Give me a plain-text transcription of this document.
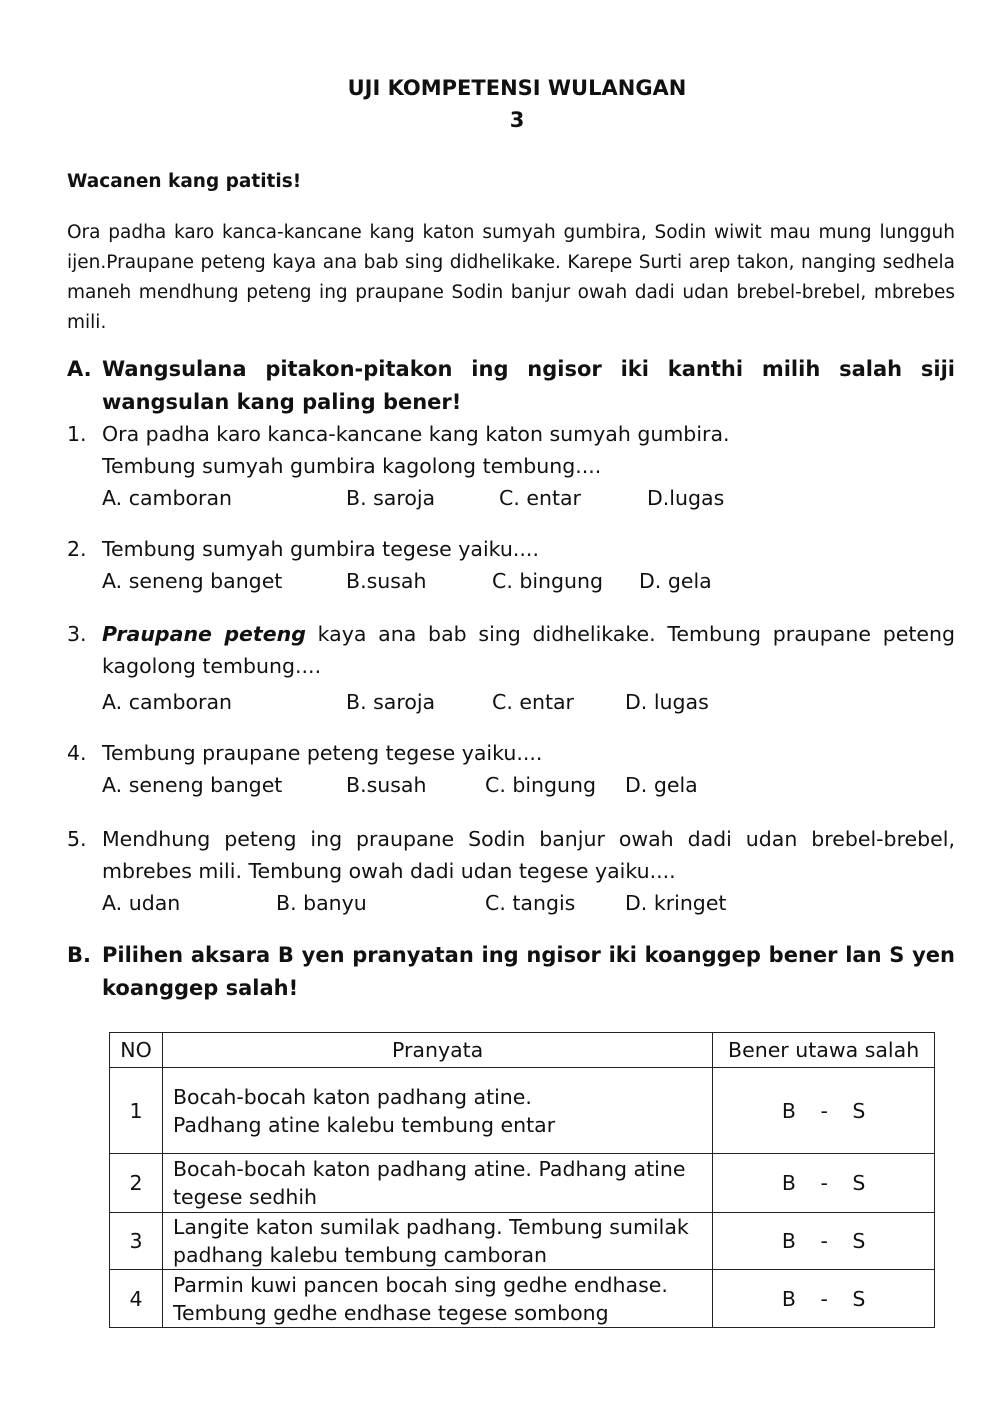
UJI KOMPETENSI WULANGAN
3
Wacanen kang patitis!
Ora padha karo kanca-kancane kang katon sumyah gumbira, Sodin wiwit mau mung lungguh ijen.Praupane peteng kaya ana bab sing didhelikake. Karepe Surti arep takon, nanging sedhela maneh mendhung peteng ing praupane Sodin banjur owah dadi udan brebel-brebel, mbrebes mili.
A. Wangsulana pitakon-pitakon ing ngisor iki kanthi milih salah siji wangsulan kang paling bener!
1. Ora padha karo kanca-kancane kang katon sumyah gumbira.
Tembung sumyah gumbira kagolong tembung....
A. camboran	B. saroja	C. entar	D.lugas
2. Tembung sumyah gumbira tegese yaiku....
A. seneng banget	B.susah	C. bingung D. gela
3. Praupane peteng kaya ana bab sing didhelikake. Tembung praupane peteng kagolong tembung....
A. camboran	B. saroja	C. entar D. lugas
4. Tembung praupane peteng tegese yaiku....
A. seneng banget	B.susah	C. bingung D. gela
5. Mendhung peteng ing praupane Sodin banjur owah dadi udan brebel-brebel, mbrebes mili. Tembung owah dadi udan tegese yaiku....
A. udan	B. banyu	C. tangis D. kringet
B. Pilihen aksara B yen pranyatan ing ngisor iki koanggep bener lan S yen koanggep salah!
NO	Pranyata	Bener utawa salah
1	Bocah-bocah katon padhang atine.
Padhang atine kalebu tembung entar	B - S
2	Bocah-bocah katon padhang atine. Padhang atine
tegese sedhih	B - S
3	Langite katon sumilak padhang. Tembung sumilak
padhang kalebu tembung camboran	B - S
4	Parmin kuwi pancen bocah sing gedhe endhase.
Tembung gedhe endhase tegese sombong	B - S
